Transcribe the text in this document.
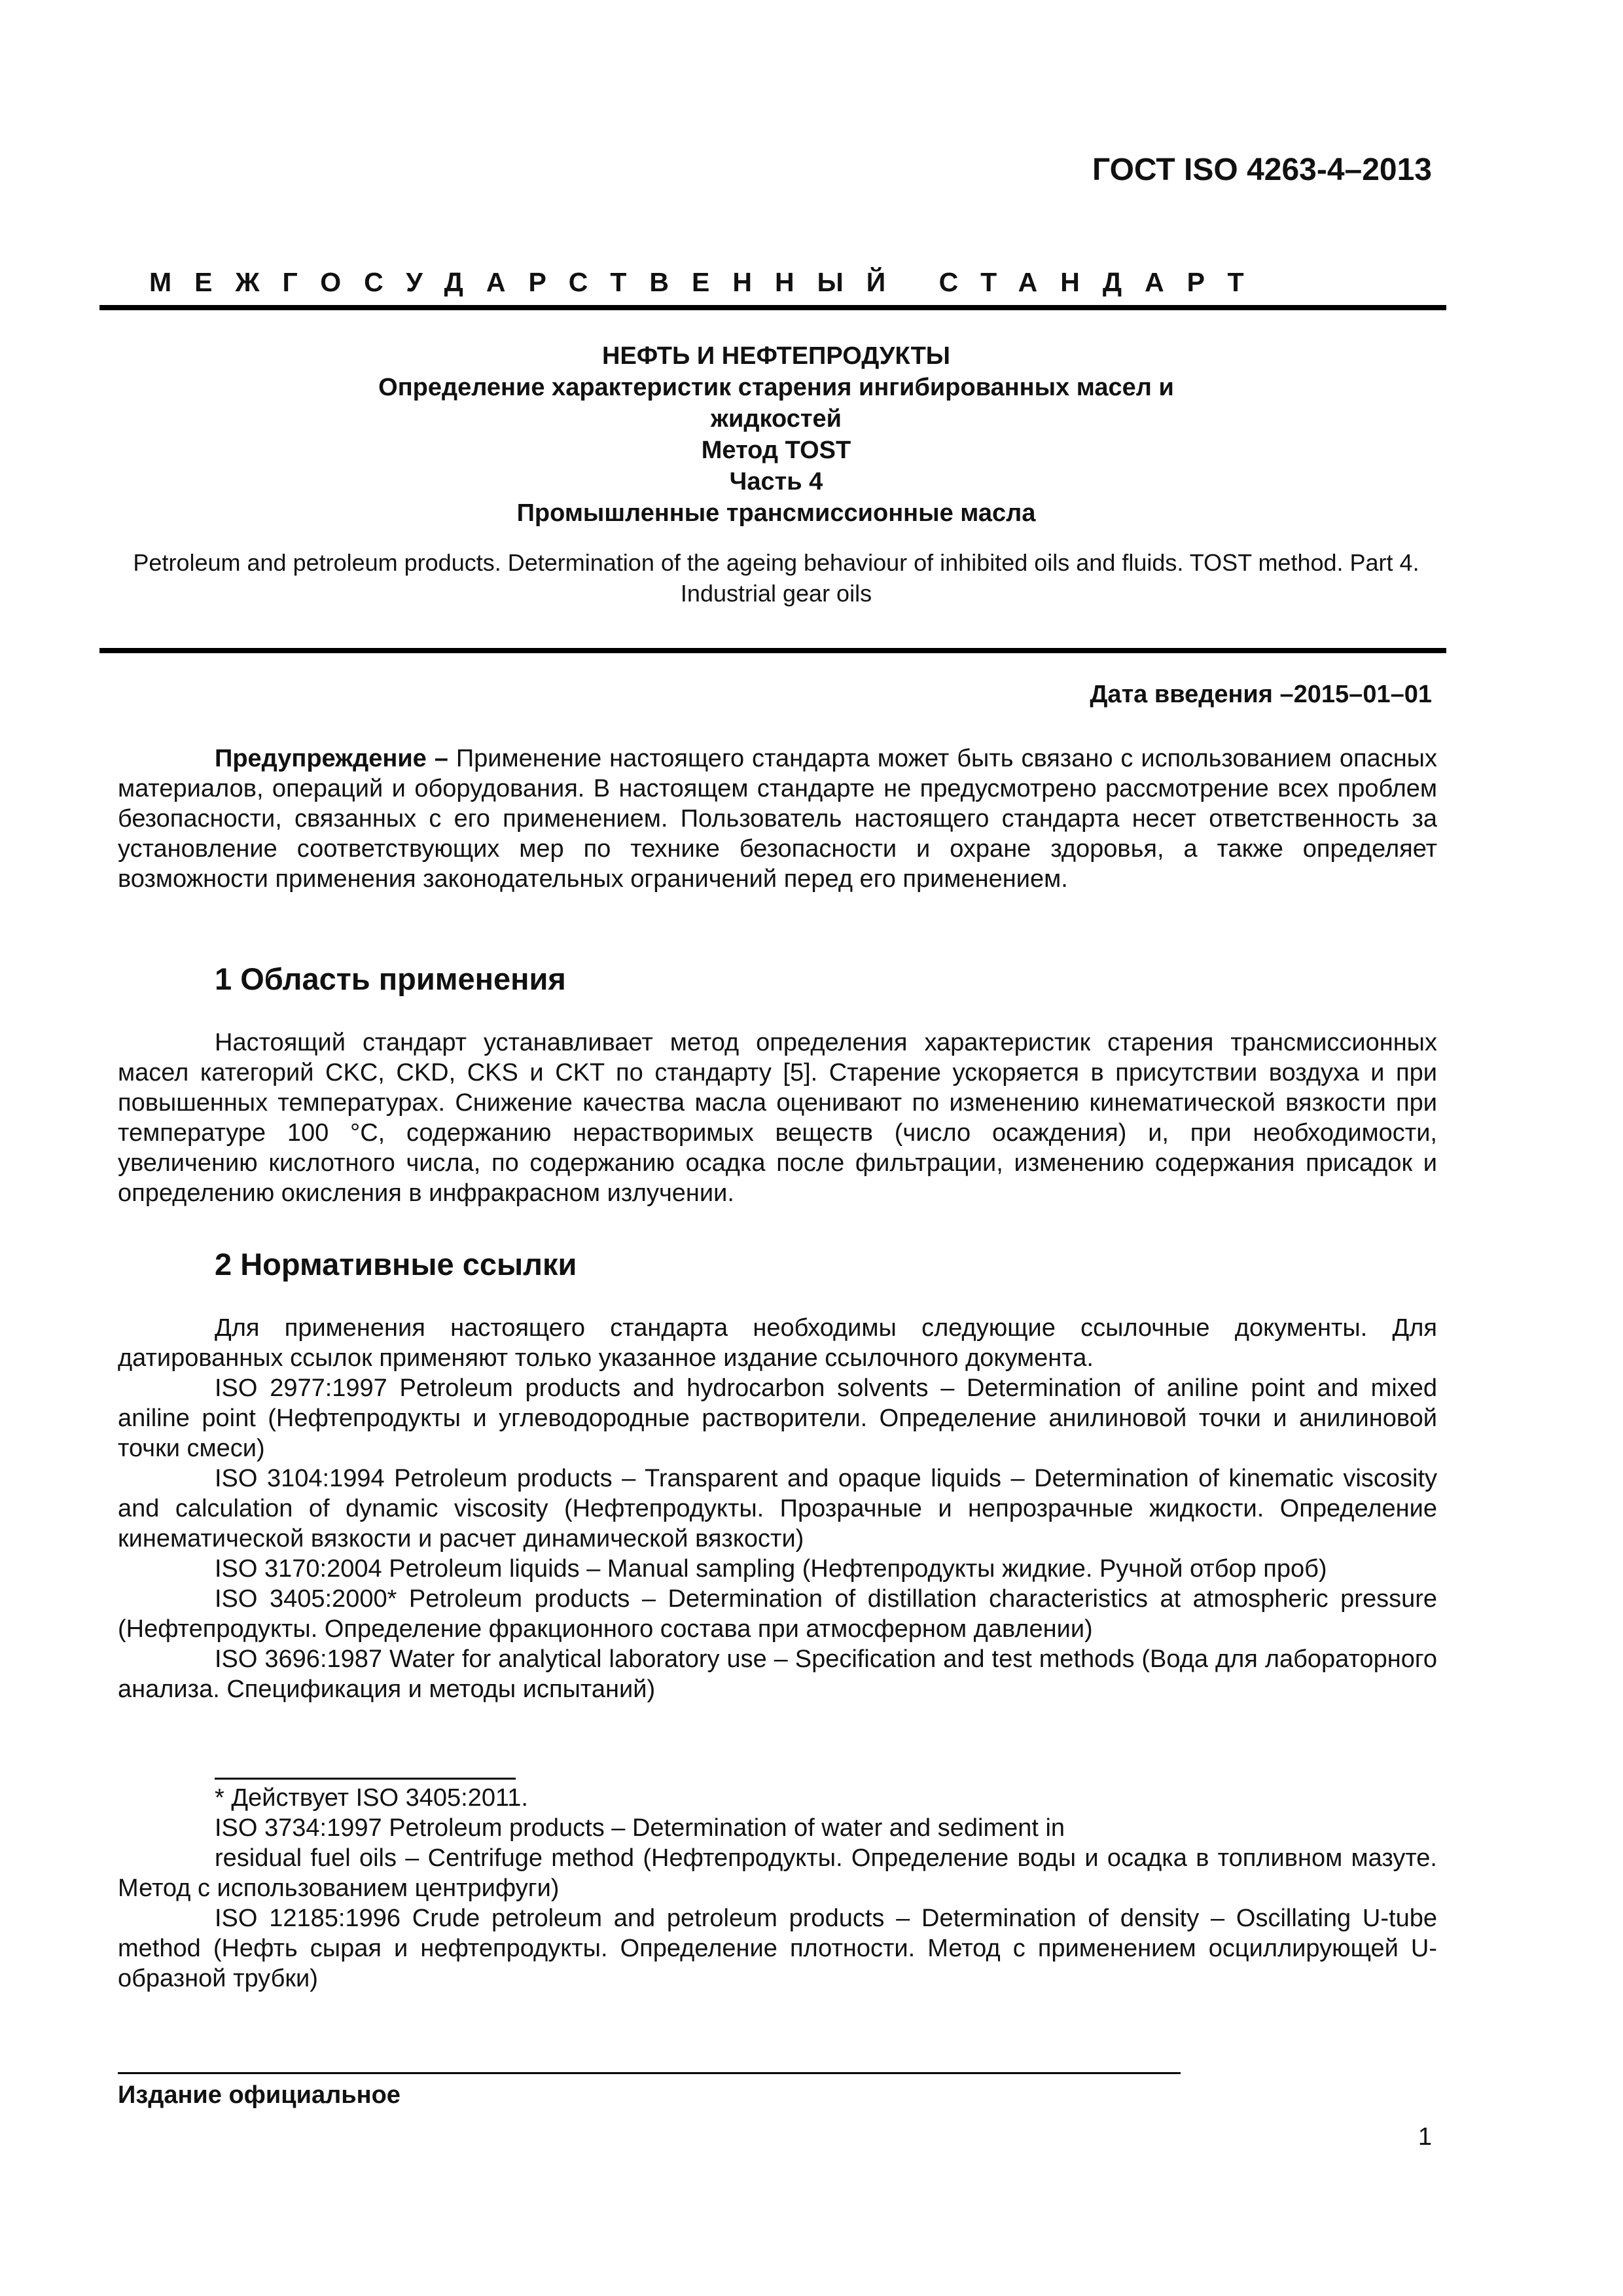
ГОСТ ISO 4263-4–2013
МЕЖГОСУДАРСТВЕННЫЙ СТАНДАРТ
НЕФТЬ И НЕФТЕПРОДУКТЫ
Определение характеристик старения ингибированных масел и
жидкостей
Метод TOST
Часть 4
Промышленные трансмиссионные масла
Petroleum and petroleum products. Determination of the ageing behaviour of inhibited oils and fluids. TOST method. Part 4. Industrial gear oils
Дата введения –2015–01–01

Предупреждение – Применение настоящего стандарта может быть связано с использованием опасных материалов, операций и оборудования. В настоящем стандарте не предусмотрено рассмотрение всех проблем безопасности, связанных с его применением. Пользователь настоящего стандарта несет ответственность за установление соответствующих мер по технике безопасности и охране здоровья, а также определяет возможности применения законодательных ограничений перед его применением.

1 Область применения

Настоящий стандарт устанавливает метод определения характеристик старения трансмиссионных масел категорий CKC, CKD, CKS и CKT по стандарту [5]. Старение ускоряется в присутствии воздуха и при повышенных температурах. Снижение качества масла оценивают по изменению кинематической вязкости при температуре 100 °С, содержанию нерастворимых веществ (число осаждения) и, при необходимости, увеличению кислотного числа, по содержанию осадка после фильтрации, изменению содержания присадок и определению окисления в инфракрасном излучении.

2 Нормативные ссылки

Для применения настоящего стандарта необходимы следующие ссылочные документы. Для датированных ссылок применяют только указанное издание ссылочного документа.

ISO 2977:1997 Petroleum products and hydrocarbon solvents – Determination of aniline point and mixed aniline point (Нефтепродукты и углеводородные растворители. Определение анилиновой точки и анилиновой точки смеси)

ISO 3104:1994 Petroleum products – Transparent and opaque liquids – Determination of kinematic viscosity and calculation of dynamic viscosity (Нефтепродукты. Прозрачные и непрозрачные жидкости. Определение кинематической вязкости и расчет динамической вязкости)

ISO 3170:2004 Petroleum liquids – Manual sampling (Нефтепродукты жидкие. Ручной отбор проб)

ISO 3405:2000* Petroleum products – Determination of distillation characteristics at atmospheric pressure (Нефтепродукты. Определение фракционного состава при атмосферном давлении)

ISO 3696:1987 Water for analytical laboratory use – Specification and test methods (Вода для лабораторного анализа. Спецификация и методы испытаний)

* Действует ISO 3405:2011.

ISO 3734:1997 Petroleum products – Determination of water and sediment in

residual fuel oils – Centrifuge method (Нефтепродукты. Определение воды и осадка в топливном мазуте. Метод с использованием центрифуги)

ISO 12185:1996 Crude petroleum and petroleum products – Determination of density – Oscillating U-tube method (Нефть сырая и нефтепродукты. Определение плотности. Метод с применением осциллирующей U-образной трубки)

Издание официальное
1
